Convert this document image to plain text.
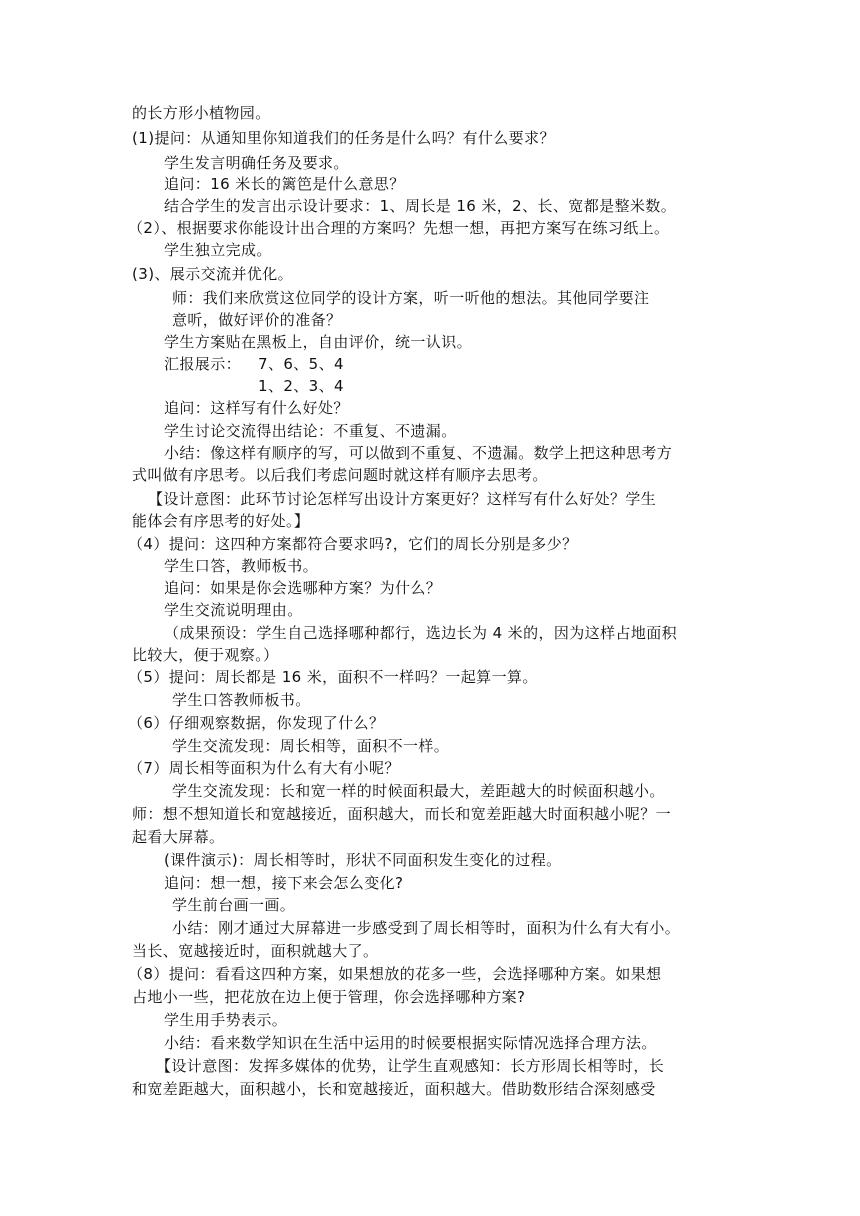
的长方形小植物园。
(1)提问：从通知里你知道我们的任务是什么吗？有什么要求？
学生发言明确任务及要求。
追问：16 米长的篱笆是什么意思？
结合学生的发言出示设计要求：1、周长是 16 米，2、长、宽都是整米数。
（2）、根据要求你能设计出合理的方案吗？先想一想，再把方案写在练习纸上。
学生独立完成。
(3)、展示交流并优化。
师：我们来欣赏这位同学的设计方案，听一听他的想法。其他同学要注
意听，做好评价的准备？
学生方案贴在黑板上，自由评价，统一认识。
汇报展示： 7、6、5、4
1、2、3、4
追问：这样写有什么好处？
学生讨论交流得出结论：不重复、不遗漏。
小结：像这样有顺序的写，可以做到不重复、不遗漏。数学上把这种思考方
式叫做有序思考。以后我们考虑问题时就这样有顺序去思考。
【设计意图：此环节讨论怎样写出设计方案更好？这样写有什么好处？学生
能体会有序思考的好处。】
（4）提问：这四种方案都符合要求吗?，它们的周长分别是多少？
学生口答，教师板书。
追问：如果是你会选哪种方案？为什么？
学生交流说明理由。
（成果预设：学生自己选择哪种都行，选边长为 4 米的，因为这样占地面积
比较大，便于观察。）
（5）提问：周长都是 16 米，面积不一样吗？一起算一算。
学生口答教师板书。
（6）仔细观察数据，你发现了什么？
学生交流发现：周长相等，面积不一样。
（7）周长相等面积为什么有大有小呢？
学生交流发现：长和宽一样的时候面积最大，差距越大的时候面积越小。
师：想不想知道长和宽越接近，面积越大，而长和宽差距越大时面积越小呢？一
起看大屏幕。
(课件演示)：周长相等时，形状不同面积发生变化的过程。
追问：想一想，接下来会怎么变化?
学生前台画一画。
小结：刚才通过大屏幕进一步感受到了周长相等时，面积为什么有大有小。
当长、宽越接近时，面积就越大了。
（8）提问：看看这四种方案，如果想放的花多一些，会选择哪种方案。如果想
占地小一些，把花放在边上便于管理，你会选择哪种方案?
学生用手势表示。
小结：看来数学知识在生活中运用的时候要根据实际情况选择合理方法。
【设计意图：发挥多媒体的优势，让学生直观感知：长方形周长相等时，长
和宽差距越大，面积越小，长和宽越接近，面积越大。借助数形结合深刻感受
